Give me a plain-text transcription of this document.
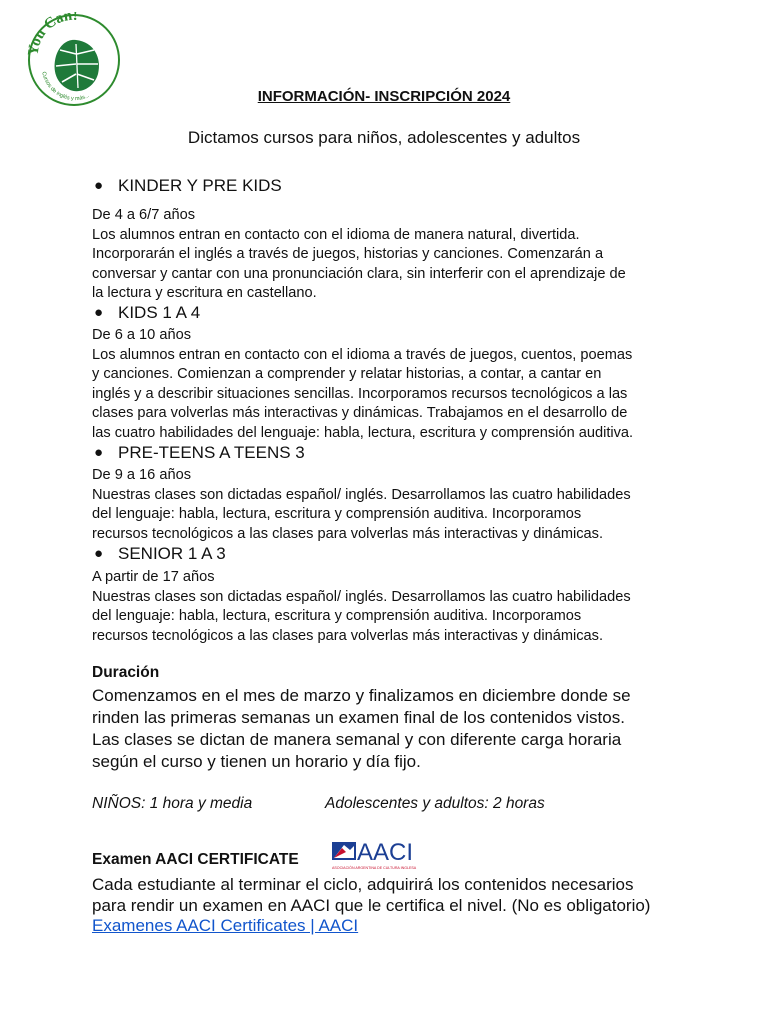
You Can!
Cursos de inglés y más...	INFORMACIÓN- INSCRIPCIÓN 2024
Dictamos cursos para niños, adolescentes y adultos
● KINDER Y PRE KIDS
De 4 a 6/7 años
Los alumnos entran en contacto con el idioma de manera natural, divertida.
Incorporarán el inglés a través de juegos, historias y canciones. Comenzarán a
conversar y cantar con una pronunciación clara, sin interferir con el aprendizaje de
la lectura y escritura en castellano.
● KIDS 1 A 4
De 6 a 10 años
Los alumnos entran en contacto con el idioma a través de juegos, cuentos, poemas
y canciones. Comienzan a comprender y relatar historias, a contar, a cantar en
inglés y a describir situaciones sencillas. Incorporamos recursos tecnológicos a las
clases para volverlas más interactivas y dinámicas. Trabajamos en el desarrollo de
las cuatro habilidades del lenguaje: habla, lectura, escritura y comprensión auditiva.
● PRE-TEENS A TEENS 3
De 9 a 16 años
Nuestras clases son dictadas español/ inglés. Desarrollamos las cuatro habilidades
del lenguaje: habla, lectura, escritura y comprensión auditiva. Incorporamos
recursos tecnológicos a las clases para volverlas más interactivas y dinámicas.
● SENIOR 1 A 3
A partir de 17 años
Nuestras clases son dictadas español/ inglés. Desarrollamos las cuatro habilidades
del lenguaje: habla, lectura, escritura y comprensión auditiva. Incorporamos
recursos tecnológicos a las clases para volverlas más interactivas y dinámicas.
Duración
Comenzamos en el mes de marzo y finalizamos en diciembre donde se
rinden las primeras semanas un examen final de los contenidos vistos.
Las clases se dictan de manera semanal y con diferente carga horaria
según el curso y tienen un horario y día fijo.
NIÑOS: 1 hora y media	Adolescentes y adultos: 2 horas
Examen AACI CERTIFICATE AACI
ASOCIACIÓN ARGENTINA DE CULTURA INGLESA
Cada estudiante al terminar el ciclo, adquirirá los contenidos necesarios
para rendir un examen en AACI que le certifica el nivel. (No es obligatorio)
Examenes AACI Certificates | AACI
